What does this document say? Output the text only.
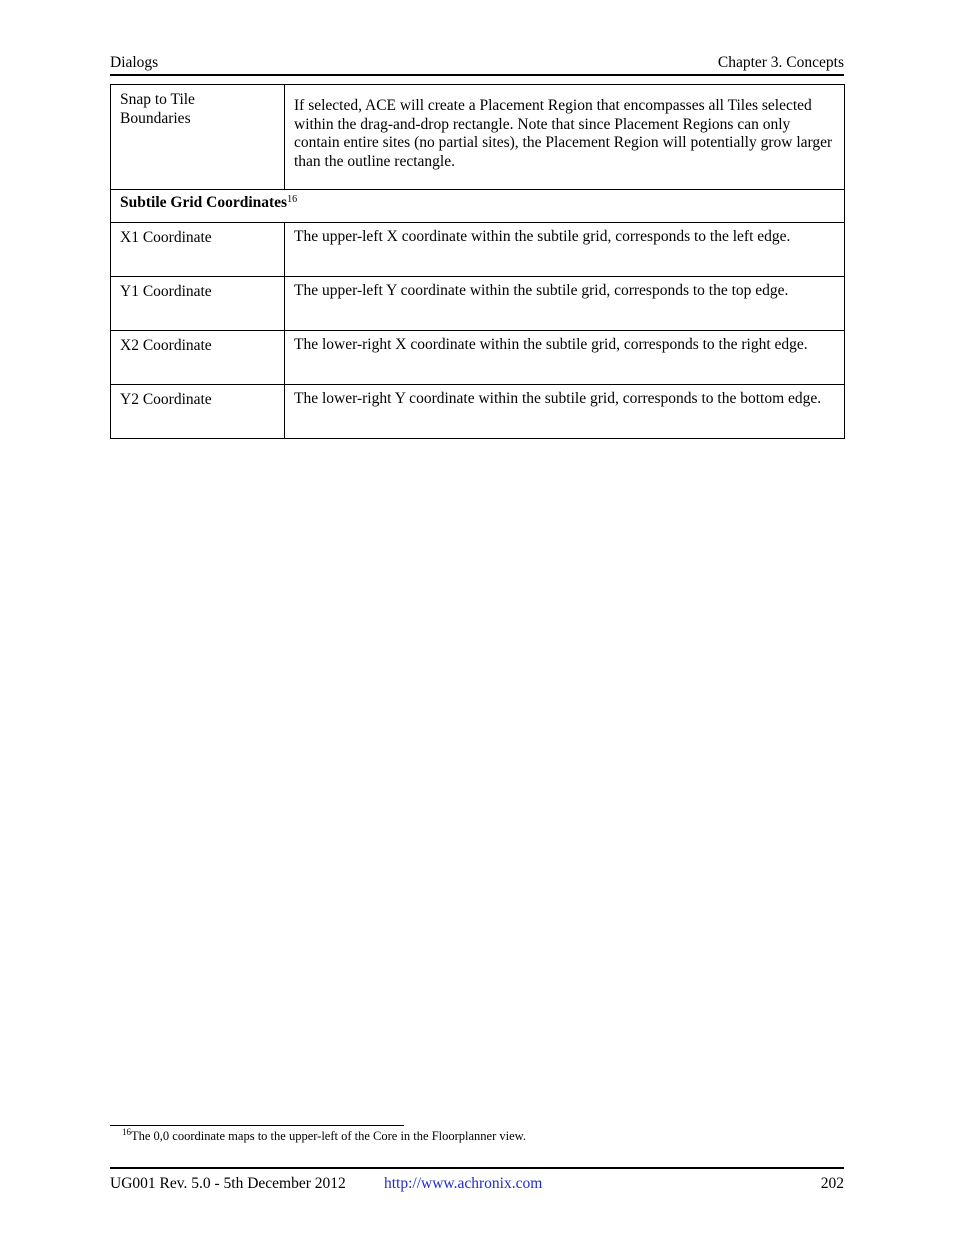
Dialogs	Chapter 3. Concepts
Snap to Tile Boundaries	If selected, ACE will create a Placement Region that encompasses all Tiles selected within the drag-and-drop rectangle. Note that since Placement Regions can only contain entire sites (no partial sites), the Placement Region will potentially grow larger than the outline rectangle.
Subtile Grid Coordinates$^{16}$
X1 Coordinate	The upper-left X coordinate within the subtile grid, corresponds to the left edge.
Y1 Coordinate	The upper-left Y coordinate within the subtile grid, corresponds to the top edge.
X2 Coordinate	The lower-right X coordinate within the subtile grid, corresponds to the right edge.
Y2 Coordinate	The lower-right Y coordinate within the subtile grid, corresponds to the bottom edge.
$^{16}$The 0,0 coordinate maps to the upper-left of the Core in the Floorplanner view.
UG001 Rev. 5.0 - 5th December 2012 http://www.achronix.com	202
